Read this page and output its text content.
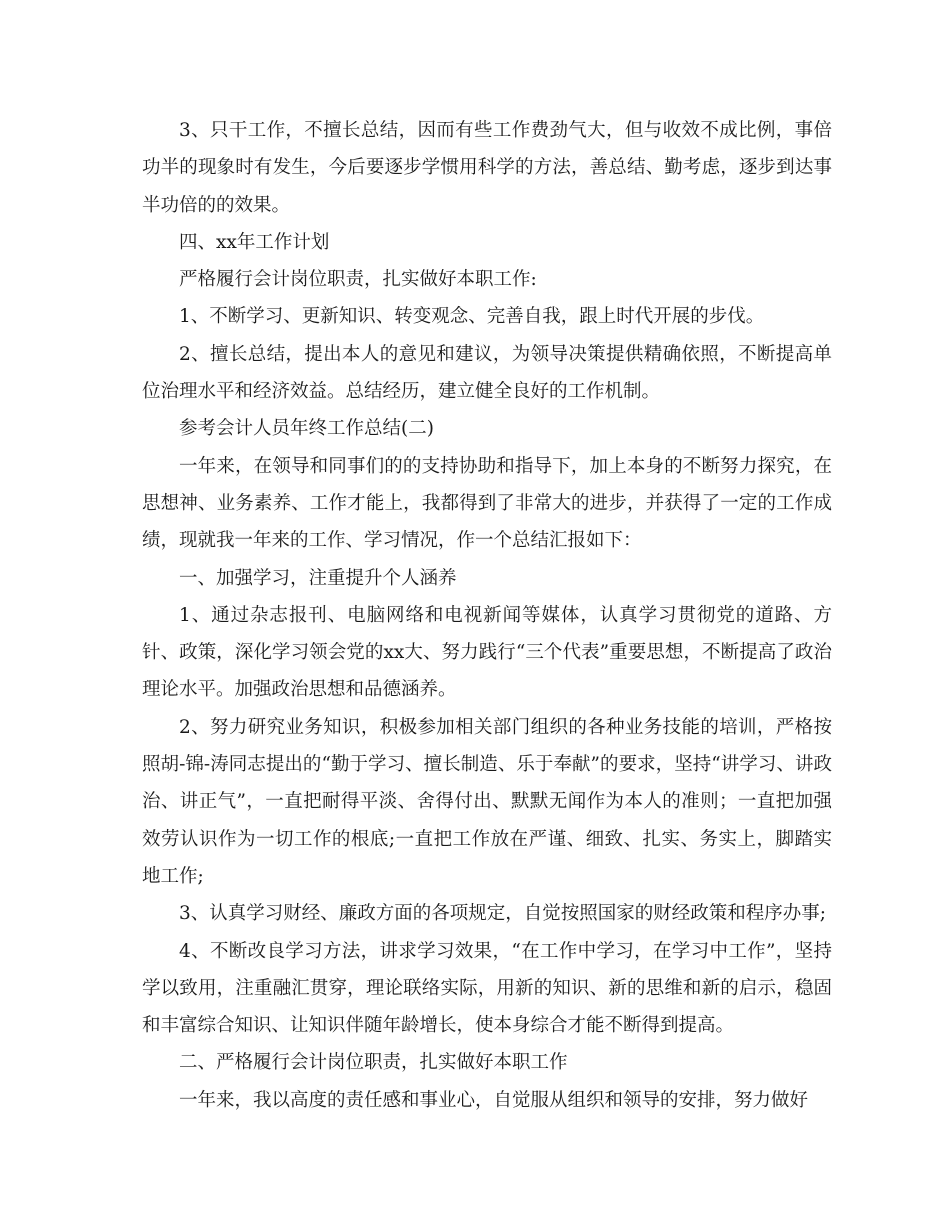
3、只干工作，不擅长总结，因而有些工作费劲气大，但与收效不成比例，事倍功半的现象时有发生，今后要逐步学惯用科学的方法，善总结、勤考虑，逐步到达事半功倍的的效果。

四、xx年工作计划

严格履行会计岗位职责，扎实做好本职工作:

1、不断学习、更新知识、转变观念、完善自我，跟上时代开展的步伐。

2、擅长总结，提出本人的意见和建议，为领导决策提供精确依照，不断提高单位治理水平和经济效益。总结经历，建立健全良好的工作机制。

参考会计人员年终工作总结(二)

一年来，在领导和同事们的的支持协助和指导下，加上本身的不断努力探究，在思想神、业务素养、工作才能上，我都得到了非常大的进步，并获得了一定的工作成绩，现就我一年来的工作、学习情况，作一个总结汇报如下：

一、加强学习，注重提升个人涵养

1、通过杂志报刊、电脑网络和电视新闻等媒体，认真学习贯彻党的道路、方针、政策，深化学习领会党的xx大、努力践行“三个代表”重要思想，不断提高了政治理论水平。加强政治思想和品德涵养。

2、努力研究业务知识，积极参加相关部门组织的各种业务技能的培训，严格按照胡-锦-涛同志提出的“勤于学习、擅长制造、乐于奉献”的要求，坚持“讲学习、讲政治、讲正气”，一直把耐得平淡、舍得付出、默默无闻作为本人的准则；一直把加强效劳认识作为一切工作的根底;一直把工作放在严谨、细致、扎实、务实上，脚踏实地工作;

3、认真学习财经、廉政方面的各项规定，自觉按照国家的财经政策和程序办事;

4、不断改良学习方法，讲求学习效果，“在工作中学习，在学习中工作”，坚持学以致用，注重融汇贯穿，理论联络实际，用新的知识、新的思维和新的启示，稳固和丰富综合知识、让知识伴随年龄增长，使本身综合才能不断得到提高。

二、严格履行会计岗位职责，扎实做好本职工作

一年来，我以高度的责任感和事业心，自觉服从组织和领导的安排，努力做好
